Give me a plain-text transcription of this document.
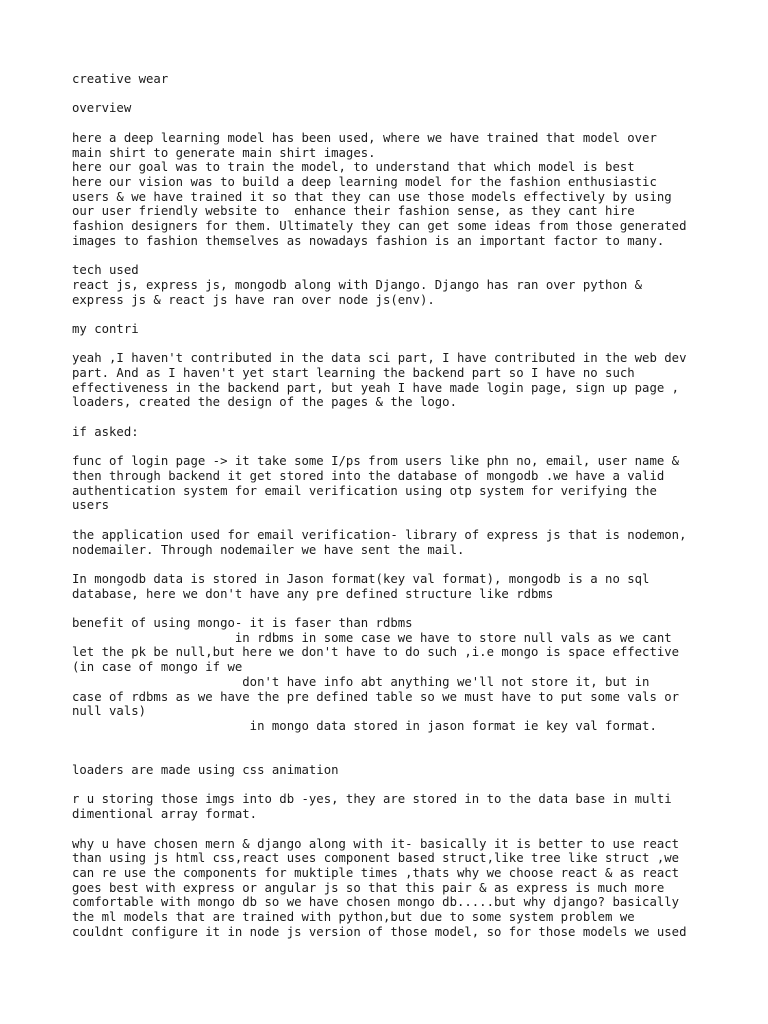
creative wear

overview

here a deep learning model has been used, where we have trained that model over
main shirt to generate main shirt images.
here our goal was to train the model, to understand that which model is best
here our vision was to build a deep learning model for the fashion enthusiastic
users & we have trained it so that they can use those models effectively by using
our user friendly website to  enhance their fashion sense, as they cant hire
fashion designers for them. Ultimately they can get some ideas from those generated
images to fashion themselves as nowadays fashion is an important factor to many.

tech used
react js, express js, mongodb along with Django. Django has ran over python &
express js & react js have ran over node js(env).

my contri

yeah ,I haven't contributed in the data sci part, I have contributed in the web dev
part. And as I haven't yet start learning the backend part so I have no such
effectiveness in the backend part, but yeah I have made login page, sign up page ,
loaders, created the design of the pages & the logo.

if asked:

func of login page -> it take some I/ps from users like phn no, email, user name &
then through backend it get stored into the database of mongodb .we have a valid
authentication system for email verification using otp system for verifying the
users

the application used for email verification- library of express js that is nodemon,
nodemailer. Through nodemailer we have sent the mail.

In mongodb data is stored in Jason format(key val format), mongodb is a no sql
database, here we don't have any pre defined structure like rdbms

benefit of using mongo- it is faser than rdbms
in rdbms in some case we have to store null vals as we cant
let the pk be null,but here we don't have to do such ,i.e mongo is space effective
(in case of mongo if we
don't have info abt anything we'll not store it, but in
case of rdbms as we have the pre defined table so we must have to put some vals or
null vals)
in mongo data stored in jason format ie key val format.

loaders are made using css animation

r u storing those imgs into db -yes, they are stored in to the data base in multi
dimentional array format.

why u have chosen mern & django along with it- basically it is better to use react
than using js html css,react uses component based struct,like tree like struct ,we
can re use the components for muktiple times ,thats why we choose react & as react
goes best with express or angular js so that this pair & as express is much more
comfortable with mongo db so we have chosen mongo db.....but why django? basically
the ml models that are trained with python,but due to some system problem we
couldnt configure it in node js version of those model, so for those models we used
